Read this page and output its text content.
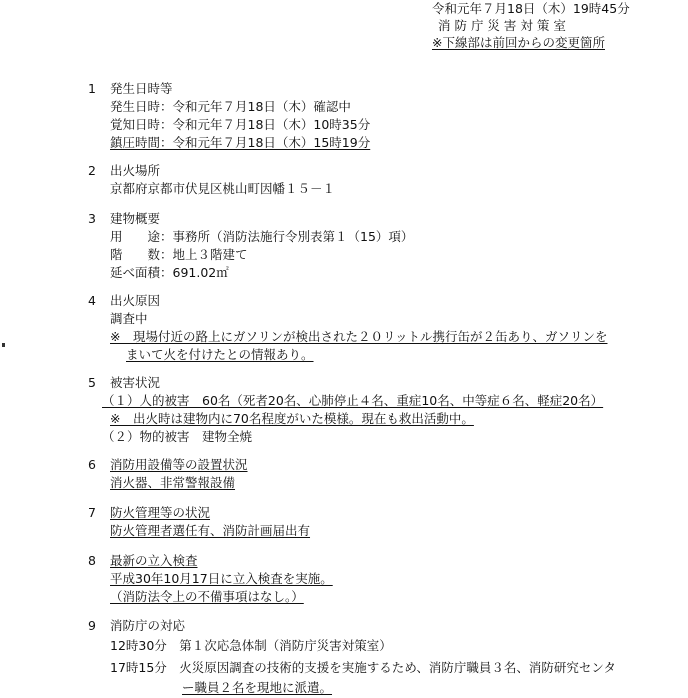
令和元年７月18日（木）19時45分
消 防 庁 災 害 対 策 室
※下線部は前回からの変更箇所
1	発生日時等
発生日時：令和元年７月18日（木）確認中
覚知日時：令和元年７月18日（木）10時35分
鎮圧時間：令和元年７月18日（木）15時19分
2	出火場所
京都府京都市伏見区桃山町因幡１５－１
3	建物概要
用　　途：事務所（消防法施行令別表第１（15）項）
階　　数：地上３階建て
延べ面積：691.02㎡
4	出火原因
調査中
※　現場付近の路上にガソリンが検出された２０リットル携行缶が２缶あり、ガソリンを
まいて火を付けたとの情報あり。
5	被害状況
（１）人的被害　60名（死者20名、心肺停止４名、重症10名、中等症６名、軽症20名）
※　出火時は建物内に70名程度がいた模様。現在も救出活動中。
（２）物的被害　建物全焼
6	消防用設備等の設置状況
消火器、非常警報設備
7	防火管理等の状況
防火管理者選任有、消防計画届出有
8	最新の立入検査
平成30年10月17日に立入検査を実施。
（消防法令上の不備事項はなし。）
9	消防庁の対応
12時30分　第１次応急体制（消防庁災害対策室）
17時15分　火災原因調査の技術的支援を実施するため、消防庁職員３名、消防研究センタ
ー職員２名を現地に派遣。
